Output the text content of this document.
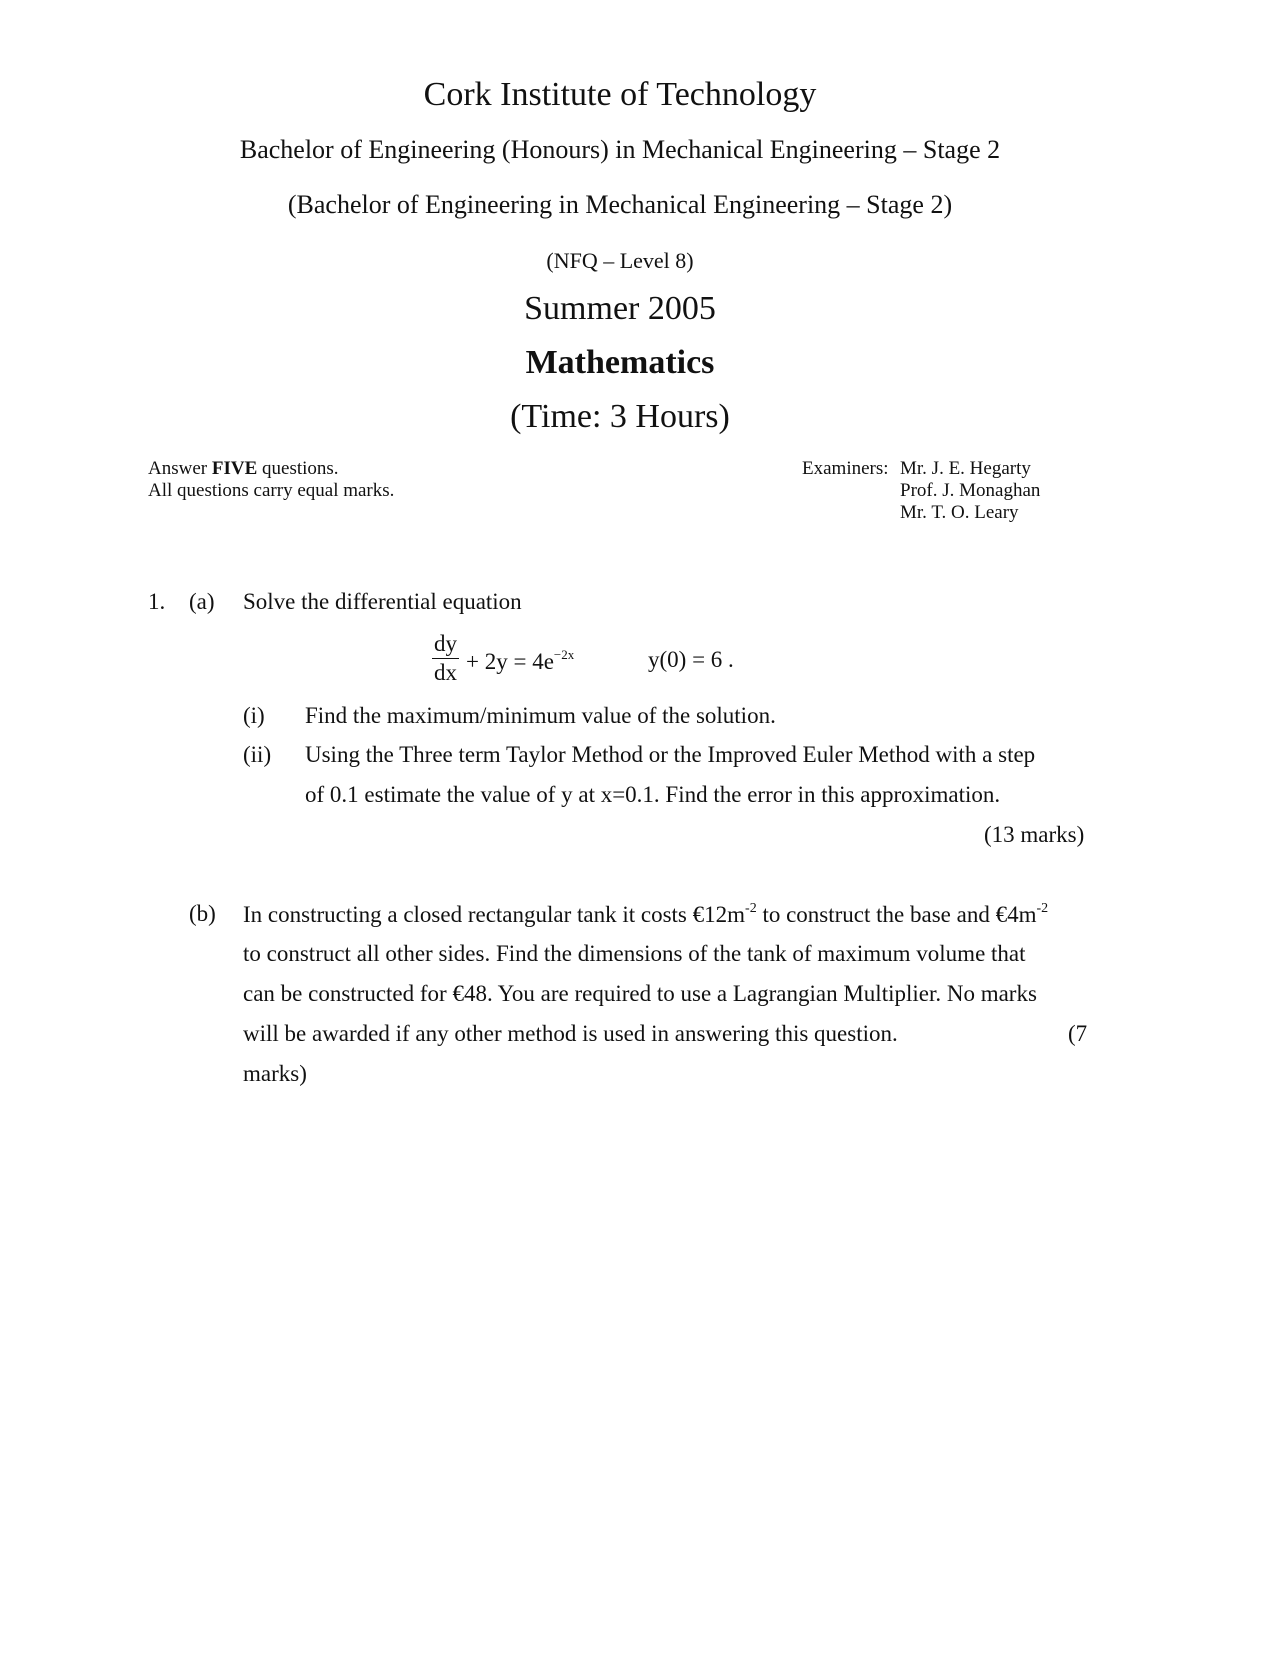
Cork Institute of Technology
Bachelor of Engineering (Honours) in Mechanical Engineering – Stage 2
(Bachelor of Engineering in Mechanical Engineering – Stage 2)
(NFQ – Level 8)
Summer 2005
Mathematics
(Time: 3 Hours)
Answer FIVE questions.
All questions carry equal marks.
Examiners: Mr. J. E. Hegarty
Prof. J. Monaghan
Mr. T. O. Leary
1. (a) Solve the differential equation
$\frac{dy}{dx} + 2y = 4e^{-2x}$	y(0) = 6 .
(i) Find the maximum/minimum value of the solution.
(ii) Using the Three term Taylor Method or the Improved Euler Method with a step
of 0.1 estimate the value of y at x=0.1. Find the error in this approximation.
(13 marks)
(b) In constructing a closed rectangular tank it costs $€12m^{-2}$ to construct the base and $€4m^{-2}$
to construct all other sides. Find the dimensions of the tank of maximum volume that
can be constructed for €48. You are required to use a Lagrangian Multiplier. No marks
will be awarded if any other method is used in answering this question.	(7
marks)
